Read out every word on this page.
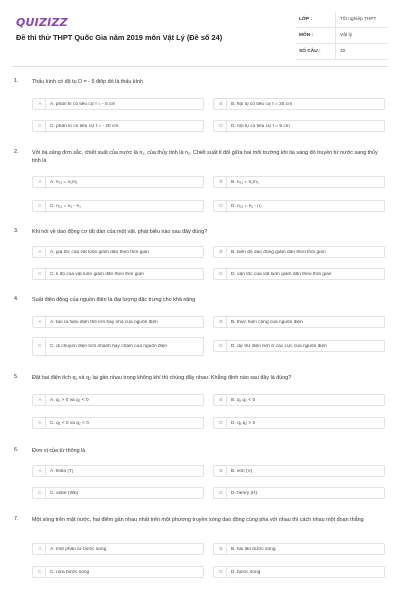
QUIZIZZ
Đề thi thử THPT Quốc Gia năm 2019 môn Vật Lý (Đề số 24)
LỚP :	Tốt nghiệp THPT
MÔN :	Vật lý
SỐ CÂU :	40
1.	Thấu kính có độ tụ D = - 5 điôp đó là thấu kính
A	A. phân kì có tiêu cự f = - 5 cm	B	B. hội tụ có tiêu cự f = 20 cm
C	C. phân kì có tiêu cự f = - 20 cm	D	D. hội tụ có tiêu cự f = 5 cm
2.	Với tia sáng đơn sắc, chiết suất của nước là n₁, của thủy tinh là n₂. Chiết suất tỉ đối giữa hai môi trường khi tia sáng đó truyền từ nước sang thủy tinh là
A	A. n₂₁ = n₂/n₁	B	B. n₂₁ = n₁/n₂
C	C. n₂₁ = n₂ - n₁	D	D. n₂₁ = n₁ - n₂
3.	Khi nói về dao động cơ tắt dần của một vật, phát biểu nào sau đây đúng?
A	A. gia tốc của vật luôn giảm dần theo thời gian	B	B. biên độ dao động giảm dần theo thời gian
C	C. li độ của vật luôn giảm dần theo thời gian	D	D. vận tốc của vật luôn giảm dần theo thời gian
4.	Suất điện động của nguồn điện là đại lượng đặc trưng cho khả năng
A	A. tạo ra hiệu điện thế lớn hay nhỏ của nguồn điện	B	B. thực hiện công của nguồn điện
C	C. di chuyển điện tích nhanh hay chậm của nguồn điện	D	D. dự trữ điện tích ở các cực của nguồn điện
5.	Đặt hai điện tích q₁ và q₂ lại gần nhau trong không khí thì chúng đẩy nhau. Khẳng định nào sau đây là đúng?
A	A. q₁ > 0 và q₂ < 0	B	B. q₁.q₂ < 0
C	C. q₁ < 0 và q₂ < 0	D	D. q₁.q₂ > 0
6.	Đơn vị của từ thông là
A	A. tesla (T)	B	B. vôn (V)
C	C. vebe (Wb)	D	D. henry (H)
7.	Một sóng trên mặt nước, hai điểm gần nhau nhất trên một phương truyền sóng dao động cùng pha với nhau thì cách nhau một đoạn thẳng
A	A. một phần tư bước sóng	B	B. hai lần bước sóng
C	C. nửa bước sóng	D	D. bước sóng
